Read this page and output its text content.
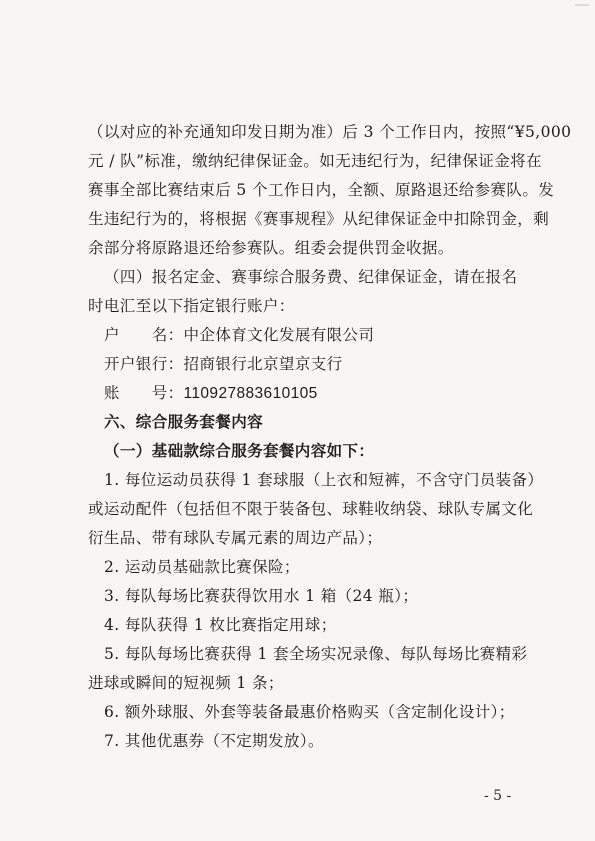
（以对应的补充通知印发日期为准）后 3 个工作日内，按照“¥5,000
元 / 队”标准，缴纳纪律保证金。如无违纪行为，纪律保证金将在
赛事全部比赛结束后 5 个工作日内，全额、原路退还给参赛队。发
生违纪行为的，将根据《赛事规程》从纪律保证金中扣除罚金，剩
余部分将原路退还给参赛队。组委会提供罚金收据。
（四）报名定金、赛事综合服务费、纪律保证金，请在报名
时电汇至以下指定银行账户：
户　　名：中企体育文化发展有限公司
开户银行：招商银行北京望京支行
账　　号：110927883610105
六、综合服务套餐内容
（一）基础款综合服务套餐内容如下：
1. 每位运动员获得 1 套球服（上衣和短裤，不含守门员装备）
或运动配件（包括但不限于装备包、球鞋收纳袋、球队专属文化
衍生品、带有球队专属元素的周边产品）；
2. 运动员基础款比赛保险；
3. 每队每场比赛获得饮用水 1 箱（24 瓶）；
4. 每队获得 1 枚比赛指定用球；
5. 每队每场比赛获得 1 套全场实况录像、每队每场比赛精彩
进球或瞬间的短视频 1 条；
6. 额外球服、外套等装备最惠价格购买（含定制化设计）；
7. 其他优惠券（不定期发放）。
- 5 -
